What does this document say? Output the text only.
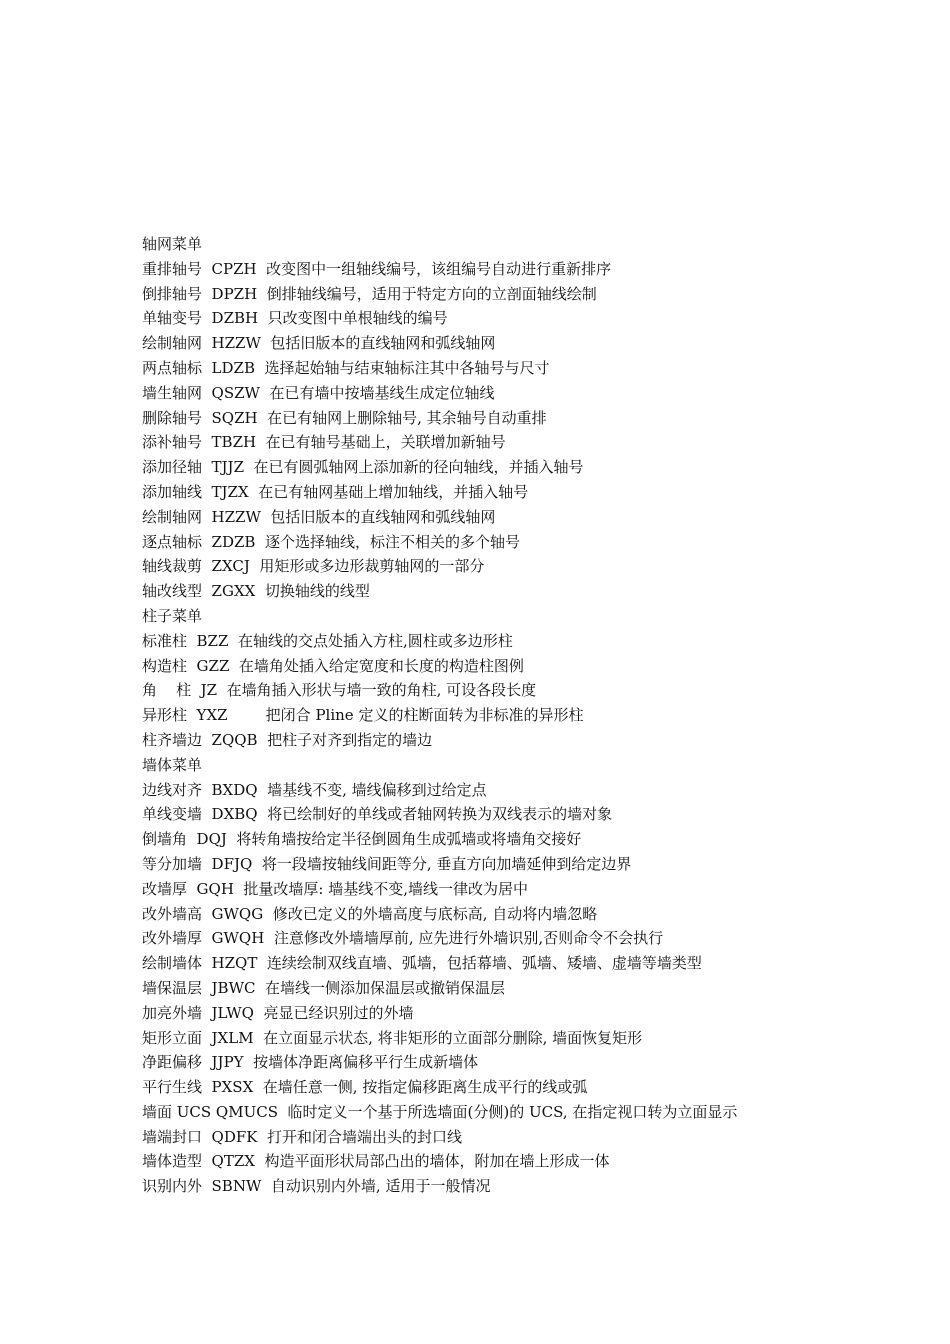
轴网菜单
重排轴号  CPZH  改变图中一组轴线编号，该组编号自动进行重新排序
倒排轴号  DPZH  倒排轴线编号，适用于特定方向的立剖面轴线绘制
单轴变号  DZBH  只改变图中单根轴线的编号
绘制轴网  HZZW  包括旧版本的直线轴网和弧线轴网
两点轴标  LDZB  选择起始轴与结束轴标注其中各轴号与尺寸
墙生轴网  QSZW  在已有墙中按墙基线生成定位轴线
删除轴号  SQZH  在已有轴网上删除轴号, 其余轴号自动重排
添补轴号  TBZH  在已有轴号基础上，关联增加新轴号
添加径轴  TJJZ  在已有圆弧轴网上添加新的径向轴线，并插入轴号
添加轴线  TJZX  在已有轴网基础上增加轴线，并插入轴号
绘制轴网  HZZW  包括旧版本的直线轴网和弧线轴网
逐点轴标  ZDZB  逐个选择轴线，标注不相关的多个轴号
轴线裁剪  ZXCJ  用矩形或多边形裁剪轴网的一部分
轴改线型  ZGXX  切换轴线的线型
柱子菜单
标准柱  BZZ  在轴线的交点处插入方柱,圆柱或多边形柱
构造柱  GZZ  在墙角处插入给定宽度和长度的构造柱图例
角    柱  JZ  在墙角插入形状与墙一致的角柱, 可设各段长度
异形柱  YXZ        把闭合 Pline 定义的柱断面转为非标准的异形柱
柱齐墙边  ZQQB  把柱子对齐到指定的墙边
墙体菜单
边线对齐  BXDQ  墙基线不变, 墙线偏移到过给定点
单线变墙  DXBQ  将已绘制好的单线或者轴网转换为双线表示的墙对象
倒墙角  DQJ  将转角墙按给定半径倒圆角生成弧墙或将墙角交接好
等分加墙  DFJQ  将一段墙按轴线间距等分, 垂直方向加墙延伸到给定边界
改墙厚  GQH  批量改墙厚: 墙基线不变,墙线一律改为居中
改外墙高  GWQG  修改已定义的外墙高度与底标高, 自动将内墙忽略
改外墙厚  GWQH  注意修改外墙墙厚前, 应先进行外墙识别,否则命令不会执行
绘制墙体  HZQT  连续绘制双线直墙、弧墙，包括幕墙、弧墙、矮墙、虚墙等墙类型
墙保温层  JBWC  在墙线一侧添加保温层或撤销保温层
加亮外墙  JLWQ  亮显已经识别过的外墙
矩形立面  JXLM  在立面显示状态, 将非矩形的立面部分删除, 墙面恢复矩形
净距偏移  JJPY  按墙体净距离偏移平行生成新墙体
平行生线  PXSX  在墙任意一侧, 按指定偏移距离生成平行的线或弧
墙面 UCS QMUCS  临时定义一个基于所选墙面(分侧)的 UCS, 在指定视口转为立面显示
墙端封口  QDFK  打开和闭合墙端出头的封口线
墙体造型  QTZX  构造平面形状局部凸出的墙体，附加在墙上形成一体
识别内外  SBNW  自动识别内外墙, 适用于一般情况
